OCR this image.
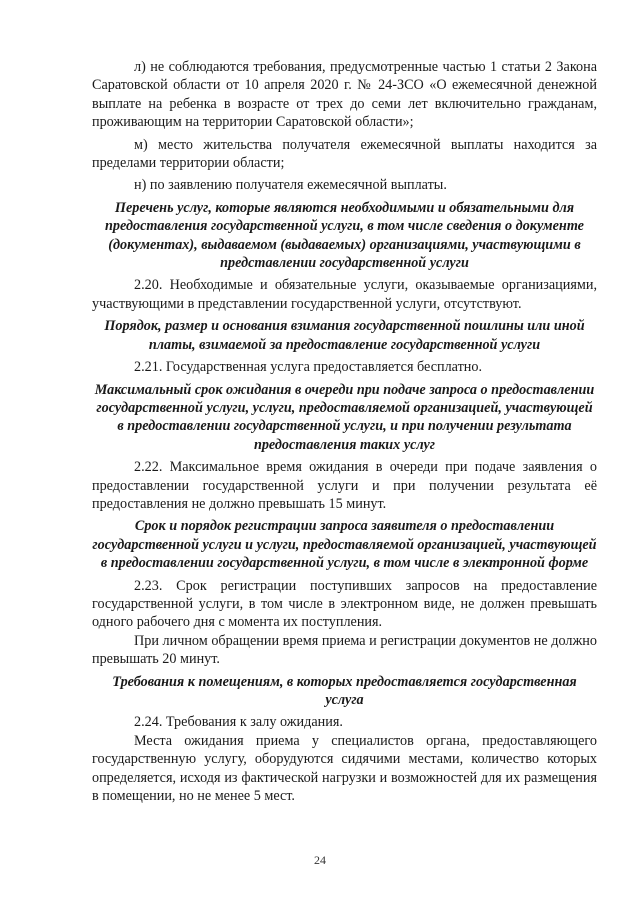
л) не соблюдаются требования, предусмотренные частью 1 статьи 2 Закона Саратовской области от 10 апреля 2020 г. № 24-ЗСО «О ежемесячной денежной выплате на ребенка в возрасте от трех до семи лет включительно гражданам, проживающим на территории Саратовской области»;

м) место жительства получателя ежемесячной выплаты находится за пределами территории области;

н) по заявлению получателя ежемесячной выплаты.

Перечень услуг, которые являются необходимыми и обязательными для предоставления государственной услуги, в том числе сведения о документе (документах), выдаваемом (выдаваемых) организациями, участвующими в представлении государственной услуги

2.20. Необходимые и обязательные услуги, оказываемые организациями, участвующими в представлении государственной услуги, отсутствуют.

Порядок, размер и основания взимания государственной пошлины или иной платы, взимаемой за предоставление государственной услуги

2.21. Государственная услуга предоставляется бесплатно.

Максимальный срок ожидания в очереди при подаче запроса о предоставлении государственной услуги, услуги, предоставляемой организацией, участвующей в предоставлении государственной услуги, и при получении результата предоставления таких услуг

2.22. Максимальное время ожидания в очереди при подаче заявления о предоставлении государственной услуги и при получении результата её предоставления не должно превышать 15 минут.

Срок и порядок регистрации запроса заявителя о предоставлении государственной услуги и услуги, предоставляемой организацией, участвующей в предоставлении государственной услуги, в том числе в электронной форме

2.23. Срок регистрации поступивших запросов на предоставление государственной услуги, в том числе в электронном виде, не должен превышать одного рабочего дня с момента их поступления.

При личном обращении время приема и регистрации документов не должно превышать 20 минут.

Требования к помещениям, в которых предоставляется государственная услуга

2.24. Требования к залу ожидания.

Места ожидания приема у специалистов органа, предоставляющего государственную услугу, оборудуются сидячими местами, количество которых определяется, исходя из фактической нагрузки и возможностей для их размещения в помещении, но не менее 5 мест.

24
